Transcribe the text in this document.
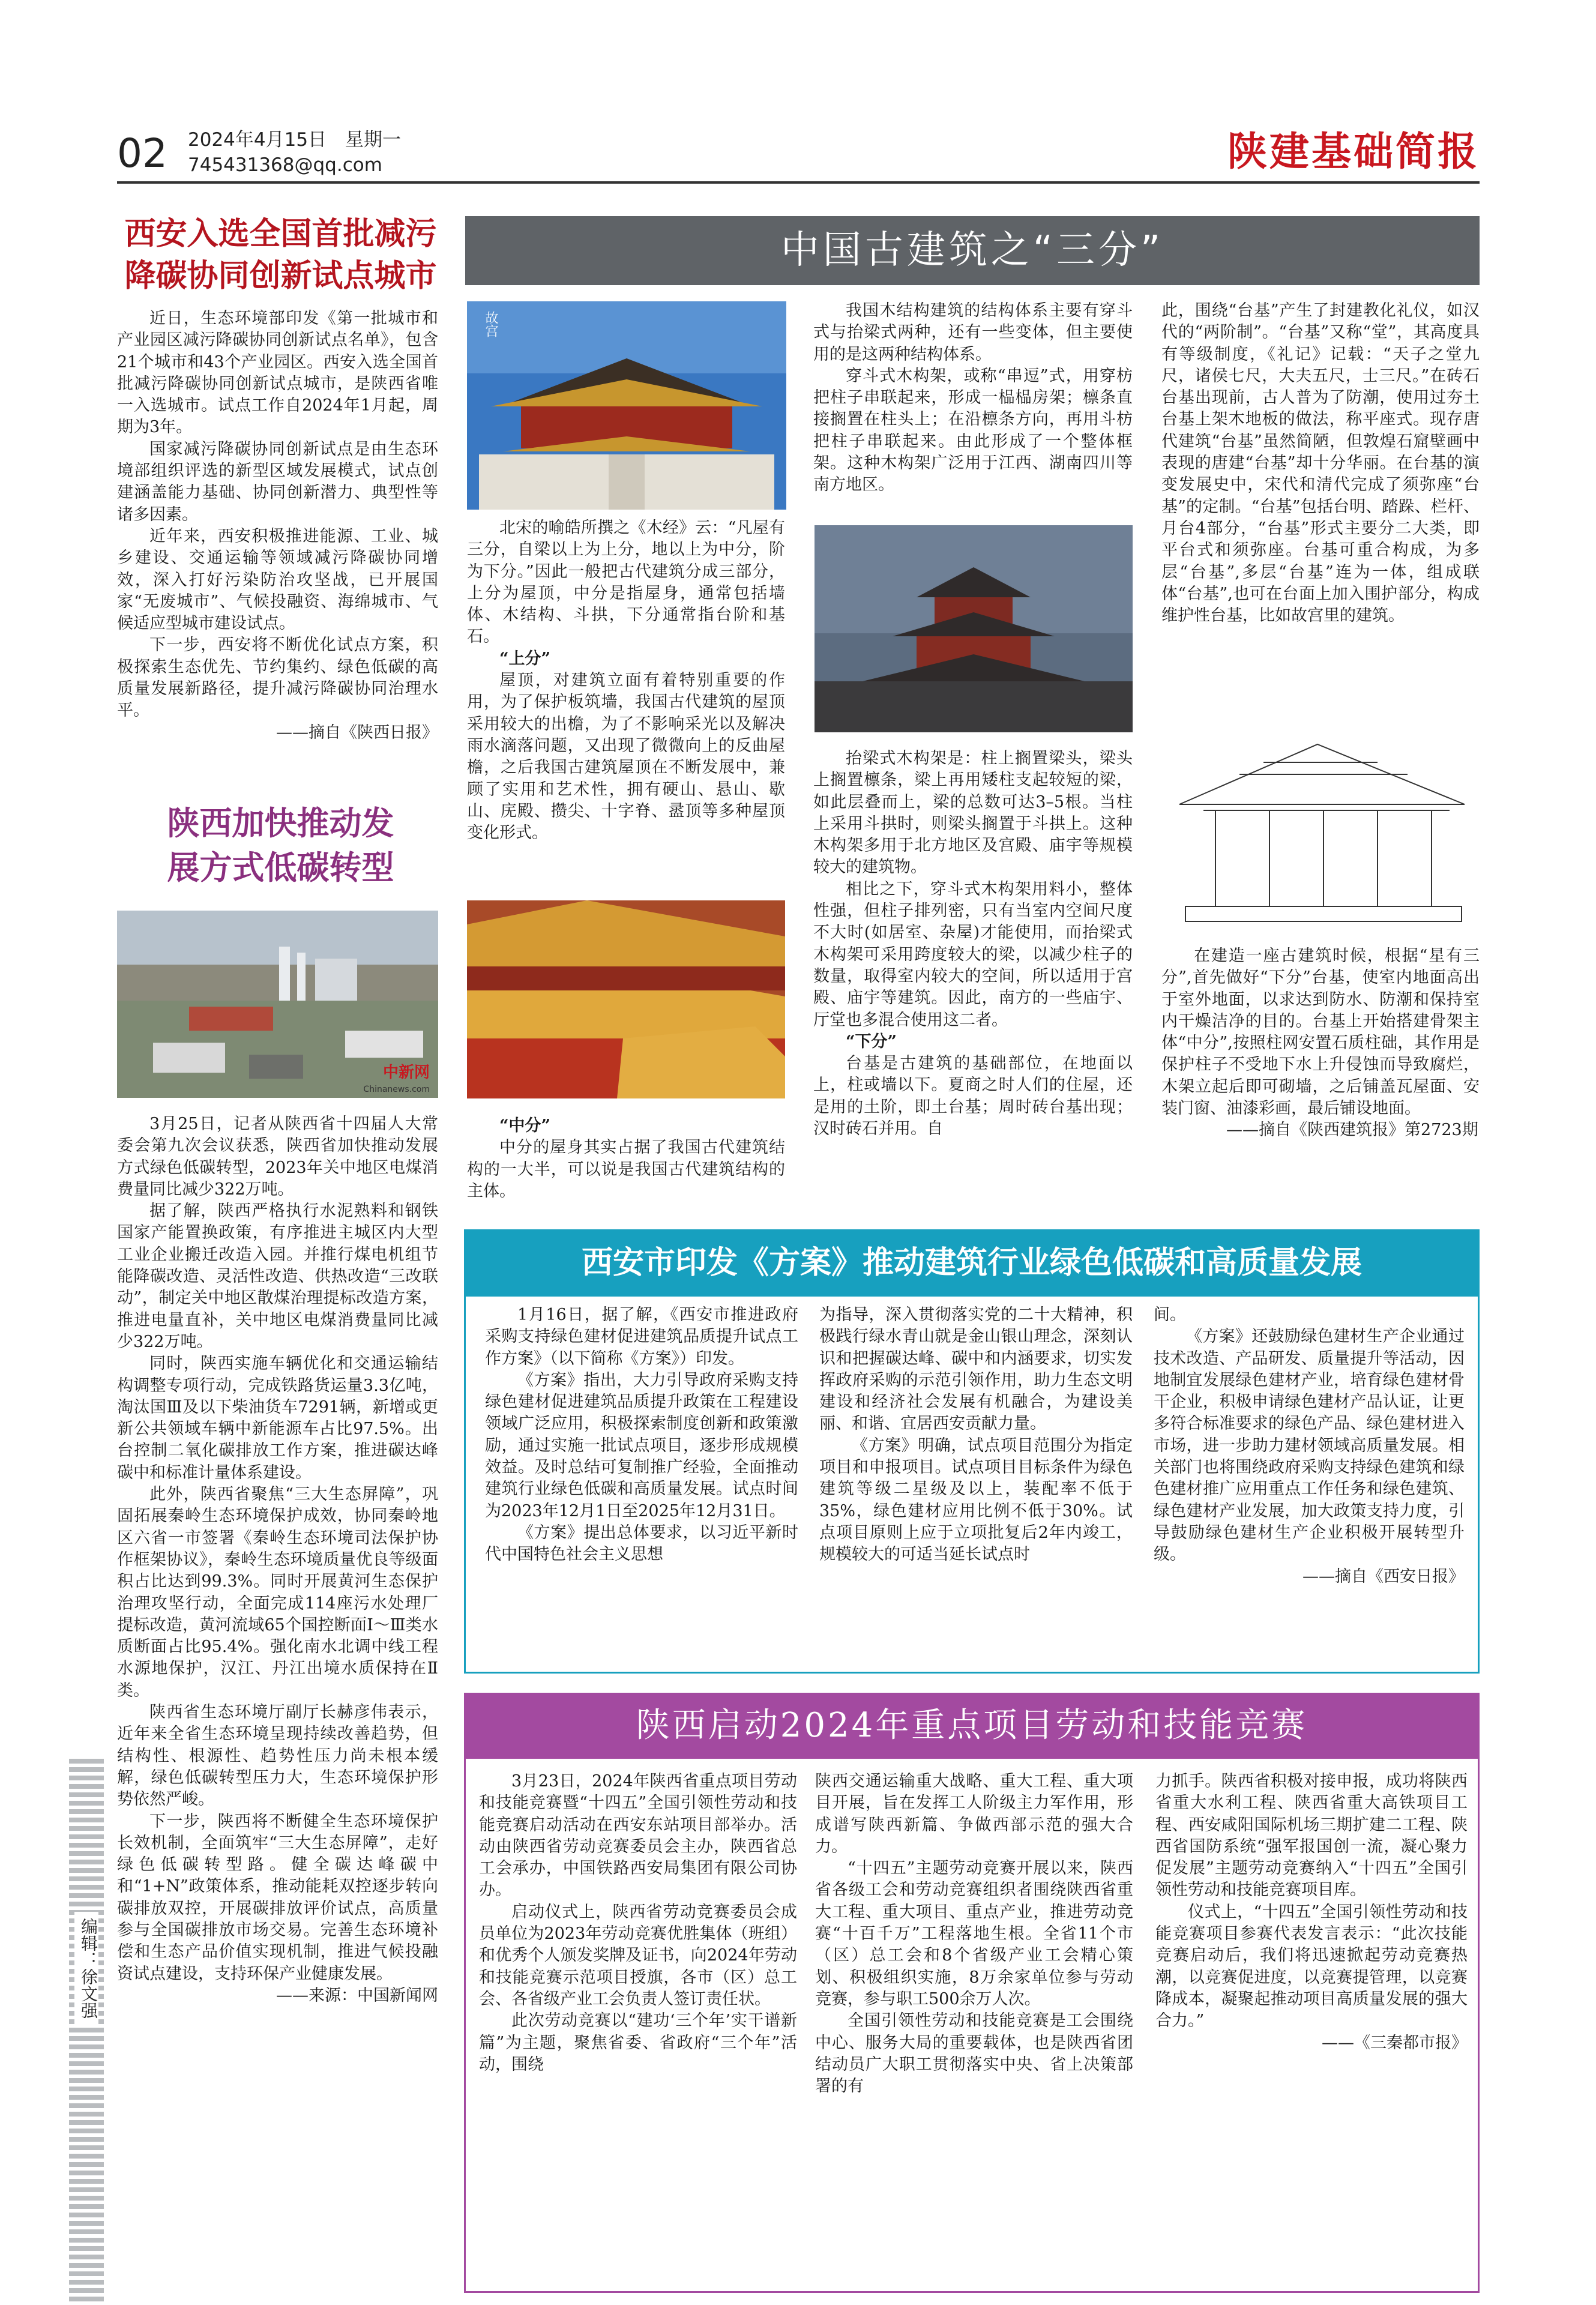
02 2024年4月15日　星期一
745431368@qq.com	陕建基础简报
编辑：徐文强
西安入选全国首批减污
降碳协同创新试点城市

近日，生态环境部印发《第一批城市和产业园区减污降碳协同创新试点名单》，包含21个城市和43个产业园区。西安入选全国首批减污降碳协同创新试点城市，是陕西省唯一入选城市。试点工作自2024年1月起，周期为3年。

国家减污降碳协同创新试点是由生态环境部组织评选的新型区域发展模式，试点创建涵盖能力基础、协同创新潜力、典型性等诸多因素。

近年来，西安积极推进能源、工业、城乡建设、交通运输等领域减污降碳协同增效，深入打好污染防治攻坚战，已开展国家“无废城市”、气候投融资、海绵城市、气候适应型城市建设试点。

下一步，西安将不断优化试点方案，积极探索生态优先、节约集约、绿色低碳的高质量发展新路径，提升减污降碳协同治理水平。

——摘自《陕西日报》

陕西加快推动发
展方式低碳转型
中新网
Chinanews.com

3月25日，记者从陕西省十四届人大常委会第九次会议获悉，陕西省加快推动发展方式绿色低碳转型，2023年关中地区电煤消费量同比减少322万吨。

据了解，陕西严格执行水泥熟料和钢铁国家产能置换政策，有序推进主城区内大型工业企业搬迁改造入园。并推行煤电机组节能降碳改造、灵活性改造、供热改造“三改联动”，制定关中地区散煤治理提标改造方案，推进电量直补，关中地区电煤消费量同比减少322万吨。

同时，陕西实施车辆优化和交通运输结构调整专项行动，完成铁路货运量3.3亿吨，淘汰国Ⅲ及以下柴油货车7291辆，新增或更新公共领域车辆中新能源车占比97.5%。出台控制二氧化碳排放工作方案，推进碳达峰碳中和标准计量体系建设。

此外，陕西省聚焦“三大生态屏障”，巩固拓展秦岭生态环境保护成效，协同秦岭地区六省一市签署《秦岭生态环境司法保护协作框架协议》，秦岭生态环境质量优良等级面积占比达到99.3%。同时开展黄河生态保护治理攻坚行动，全面完成114座污水处理厂提标改造，黄河流域65个国控断面Ⅰ～Ⅲ类水质断面占比95.4%。强化南水北调中线工程水源地保护，汉江、丹江出境水质保持在Ⅱ类。

陕西省生态环境厅副厅长赫彦伟表示，近年来全省生态环境呈现持续改善趋势，但结构性、根源性、趋势性压力尚未根本缓解，绿色低碳转型压力大，生态环境保护形势依然严峻。

下一步，陕西将不断健全生态环境保护长效机制，全面筑牢“三大生态屏障”，走好绿色低碳转型路。健全碳达峰碳中和“1+N”政策体系，推动能耗双控逐步转向碳排放双控，开展碳排放评价试点，高质量参与全国碳排放市场交易。完善生态环境补偿和生态产品价值实现机制，推进气候投融资试点建设，支持环保产业健康发展。

——来源：中国新闻网

中国古建筑之“三分”
故宫

北宋的喻皓所撰之《木经》云：“凡屋有三分，自梁以上为上分，地以上为中分，阶为下分。”因此一般把古代建筑分成三部分，上分为屋顶，中分是指屋身，通常包括墙体、木结构、斗拱，下分通常指台阶和基石。

“上分”

屋顶，对建筑立面有着特别重要的作用，为了保护板筑墙，我国古代建筑的屋顶采用较大的出檐，为了不影响采光以及解决雨水滴落问题，又出现了微微向上的反曲屋檐，之后我国古建筑屋顶在不断发展中，兼顾了实用和艺术性，拥有硬山、悬山、歇山、庑殿、攒尖、十字脊、盝顶等多种屋顶变化形式。

“中分”

中分的屋身其实占据了我国古代建筑结构的一大半，可以说是我国古代建筑结构的主体。

我国木结构建筑的结构体系主要有穿斗式与抬梁式两种，还有一些变体，但主要使用的是这两种结构体系。

穿斗式木构架，或称“串逗”式，用穿枋把柱子串联起来，形成一榀榀房架；檩条直接搁置在柱头上；在沿檩条方向，再用斗枋把柱子串联起来。由此形成了一个整体框架。这种木构架广泛用于江西、湖南四川等南方地区。

抬梁式木构架是：柱上搁置梁头，梁头上搁置檩条，梁上再用矮柱支起较短的梁，如此层叠而上，梁的总数可达3–5根。当柱上采用斗拱时，则梁头搁置于斗拱上。这种木构架多用于北方地区及宫殿、庙宇等规模较大的建筑物。

相比之下，穿斗式木构架用料小，整体性强，但柱子排列密，只有当室内空间尺度不大时(如居室、杂屋)才能使用，而抬梁式木构架可采用跨度较大的梁，以减少柱子的数量，取得室内较大的空间，所以适用于宫殿、庙宇等建筑。因此，南方的一些庙宇、厅堂也多混合使用这二者。

“下分”

台基是古建筑的基础部位，在地面以上，柱或墙以下。夏商之时人们的住屋，还是用的土阶，即土台基；周时砖台基出现；汉时砖石并用。自

此，围绕“台基”产生了封建教化礼仪，如汉代的“两阶制”。“台基”又称“堂”，其高度具有等级制度，《礼记》记载：“天子之堂九尺，诸侯七尺，大夫五尺，士三尺。”在砖石台基出现前，古人普为了防潮，使用过夯土台基上架木地板的做法，称平座式。现存唐代建筑“台基”虽然简陋，但敦煌石窟壁画中表现的唐建“台基”却十分华丽。在台基的演变发展史中，宋代和清代完成了须弥座“台基”的定制。“台基”包括台明、踏跺、栏杆、月台4部分，“台基”形式主要分二大类，即平台式和须弥座。台基可重合构成，为多层“台基”,多层“台基”连为一体，组成联体“台基”,也可在台面上加入围护部分，构成维护性台基，比如故宫里的建筑。

在建造一座古建筑时候，根据“星有三分”,首先做好“下分”台基，使室内地面高出于室外地面，以求达到防水、防潮和保持室内干燥洁净的目的。台基上开始搭建骨架主体“中分”,按照柱网安置石质柱础，其作用是保护柱子不受地下水上升侵蚀而导致腐烂，木架立起后即可砌墙，之后铺盖瓦屋面、安装门窗、油漆彩画，最后铺设地面。

——摘自《陕西建筑报》第2723期

西安市印发《方案》推动建筑行业绿色低碳和高质量发展

1月16日，据了解，《西安市推进政府采购支持绿色建材促进建筑品质提升试点工作方案》（以下简称《方案》）印发。

《方案》指出，大力引导政府采购支持绿色建材促进建筑品质提升政策在工程建设领域广泛应用，积极探索制度创新和政策激励，通过实施一批试点项目，逐步形成规模效益。及时总结可复制推广经验，全面推动建筑行业绿色低碳和高质量发展。试点时间为2023年12月1日至2025年12月31日。

《方案》提出总体要求，以习近平新时代中国特色社会主义思想

为指导，深入贯彻落实党的二十大精神，积极践行绿水青山就是金山银山理念，深刻认识和把握碳达峰、碳中和内涵要求，切实发挥政府采购的示范引领作用，助力生态文明建设和经济社会发展有机融合，为建设美丽、和谐、宜居西安贡献力量。

《方案》明确，试点项目范围分为指定项目和申报项目。试点项目目标条件为绿色建筑等级二星级及以上，装配率不低于35%，绿色建材应用比例不低于30%。试点项目原则上应于立项批复后2年内竣工，规模较大的可适当延长试点时

间。

《方案》还鼓励绿色建材生产企业通过技术改造、产品研发、质量提升等活动，因地制宜发展绿色建材产业，培育绿色建材骨干企业，积极申请绿色建材产品认证，让更多符合标准要求的绿色产品、绿色建材进入市场，进一步助力建材领域高质量发展。相关部门也将围绕政府采购支持绿色建筑和绿色建材推广应用重点工作任务和绿色建筑、绿色建材产业发展，加大政策支持力度，引导鼓励绿色建材生产企业积极开展转型升级。

——摘自《西安日报》

陕西启动2024年重点项目劳动和技能竞赛

3月23日，2024年陕西省重点项目劳动和技能竞赛暨“十四五”全国引领性劳动和技能竞赛启动活动在西安东站项目部举办。活动由陕西省劳动竞赛委员会主办，陕西省总工会承办，中国铁路西安局集团有限公司协办。

启动仪式上，陕西省劳动竞赛委员会成员单位为2023年劳动竞赛优胜集体（班组）和优秀个人颁发奖牌及证书，向2024年劳动和技能竞赛示范项目授旗，各市（区）总工会、各省级产业工会负责人签订责任状。

此次劳动竞赛以“建功‘三个年’实干谱新篇”为主题，聚焦省委、省政府“三个年”活动，围绕

陕西交通运输重大战略、重大工程、重大项目开展，旨在发挥工人阶级主力军作用，形成谱写陕西新篇、争做西部示范的强大合力。

“十四五”主题劳动竞赛开展以来，陕西省各级工会和劳动竞赛组织者围绕陕西省重大工程、重大项目、重点产业，推进劳动竞赛“十百千万”工程落地生根。全省11个市（区）总工会和8个省级产业工会精心策划、积极组织实施，8万余家单位参与劳动竞赛，参与职工500余万人次。

全国引领性劳动和技能竞赛是工会围绕中心、服务大局的重要载体，也是陕西省团结动员广大职工贯彻落实中央、省上决策部署的有

力抓手。陕西省积极对接申报，成功将陕西省重大水利工程、陕西省重大高铁项目工程、西安咸阳国际机场三期扩建二工程、陕西省国防系统“强军报国创一流，凝心聚力促发展”主题劳动竞赛纳入“十四五”全国引领性劳动和技能竞赛项目库。

仪式上，“十四五”全国引领性劳动和技能竞赛项目参赛代表发言表示：“此次技能竞赛启动后，我们将迅速掀起劳动竞赛热潮，以竞赛促进度，以竞赛提管理，以竞赛降成本，凝聚起推动项目高质量发展的强大合力。”

——《三秦都市报》
